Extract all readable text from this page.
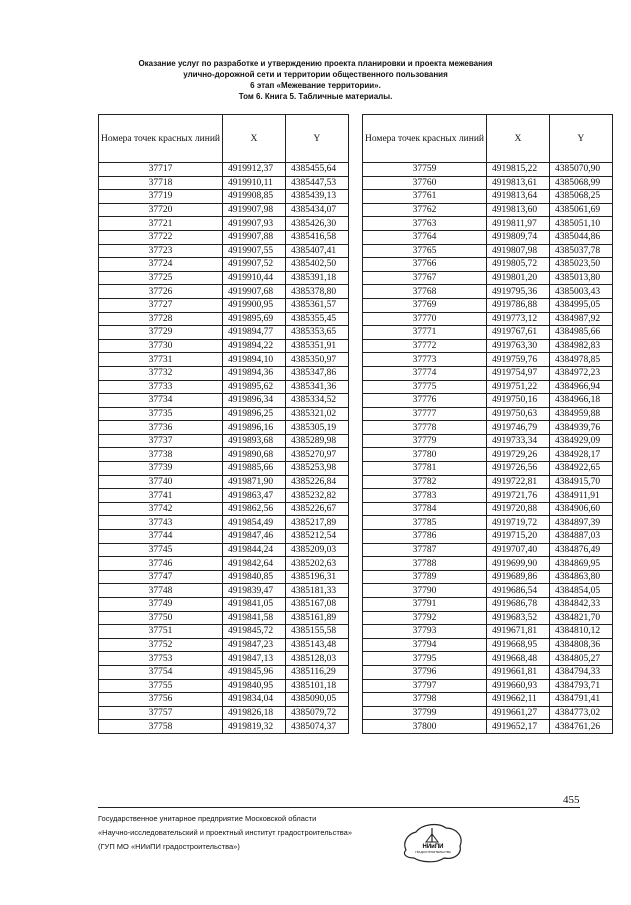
Оказание услуг по разработке и утверждению проекта планировки и проекта межевания
улично-дорожной сети и территории общественного пользования
6 этап «Межевание территории».
Том 6. Книга 5. Табличные материалы.
Номера точек красных линий	X	Y
37717	4919912,37	4385455,64
37718	4919910,11	4385447,53
37719	4919908,85	4385439,13
37720	4919907,98	4385434,07
37721	4919907,93	4385426,30
37722	4919907,88	4385416,58
37723	4919907,55	4385407,41
37724	4919907,52	4385402,50
37725	4919910,44	4385391,18
37726	4919907,68	4385378,80
37727	4919900,95	4385361,57
37728	4919895,69	4385355,45
37729	4919894,77	4385353,65
37730	4919894,22	4385351,91
37731	4919894,10	4385350,97
37732	4919894,36	4385347,86
37733	4919895,62	4385341,36
37734	4919896,34	4385334,52
37735	4919896,25	4385321,02
37736	4919896,16	4385305,19
37737	4919893,68	4385289,98
37738	4919890,68	4385270,97
37739	4919885,66	4385253,98
37740	4919871,90	4385226,84
37741	4919863,47	4385232,82
37742	4919862,56	4385226,67
37743	4919854,49	4385217,89
37744	4919847,46	4385212,54
37745	4919844,24	4385209,03
37746	4919842,64	4385202,63
37747	4919840,85	4385196,31
37748	4919839,47	4385181,33
37749	4919841,05	4385167,08
37750	4919841,58	4385161,89
37751	4919845,72	4385155,58
37752	4919847,23	4385143,48
37753	4919847,13	4385128,03
37754	4919845,96	4385116,29
37755	4919840,95	4385101,18
37756	4919834,04	4385090,05
37757	4919826,18	4385079,72
37758	4919819,32	4385074,37
Номера точек красных линий	X	Y
37759	4919815,22	4385070,90
37760	4919813,61	4385068,99
37761	4919813,64	4385068,25
37762	4919813,60	4385061,69
37763	4919811,97	4385051,10
37764	4919809,74	4385044,86
37765	4919807,98	4385037,78
37766	4919805,72	4385023,50
37767	4919801,20	4385013,80
37768	4919795,36	4385003,43
37769	4919786,88	4384995,05
37770	4919773,12	4384987,92
37771	4919767,61	4384985,66
37772	4919763,30	4384982,83
37773	4919759,76	4384978,85
37774	4919754,97	4384972,23
37775	4919751,22	4384966,94
37776	4919750,16	4384966,18
37777	4919750,63	4384959,88
37778	4919746,79	4384939,76
37779	4919733,34	4384929,09
37780	4919729,26	4384928,17
37781	4919726,56	4384922,65
37782	4919722,81	4384915,70
37783	4919721,76	4384911,91
37784	4919720,88	4384906,60
37785	4919719,72	4384897,39
37786	4919715,20	4384887,03
37787	4919707,40	4384876,49
37788	4919699,90	4384869,95
37789	4919689,86	4384863,80
37790	4919686,54	4384854,05
37791	4919686,78	4384842,33
37792	4919683,52	4384821,70
37793	4919671,81	4384810,12
37794	4919668,95	4384808,36
37795	4919668,48	4384805,27
37796	4919661,81	4384794,33
37797	4919660,93	4384793,71
37798	4919662,11	4384791,41
37799	4919661,27	4384773,02
37800	4919652,17	4384761,26
455
Государственное унитарное предприятие Московской области
«Научно-исследовательский и проектный институт градостроительства»
(ГУП МО «НИиПИ градостроительства»)	НИиПИ
ГРАДОСТРОИТЕЛЬСТВА
